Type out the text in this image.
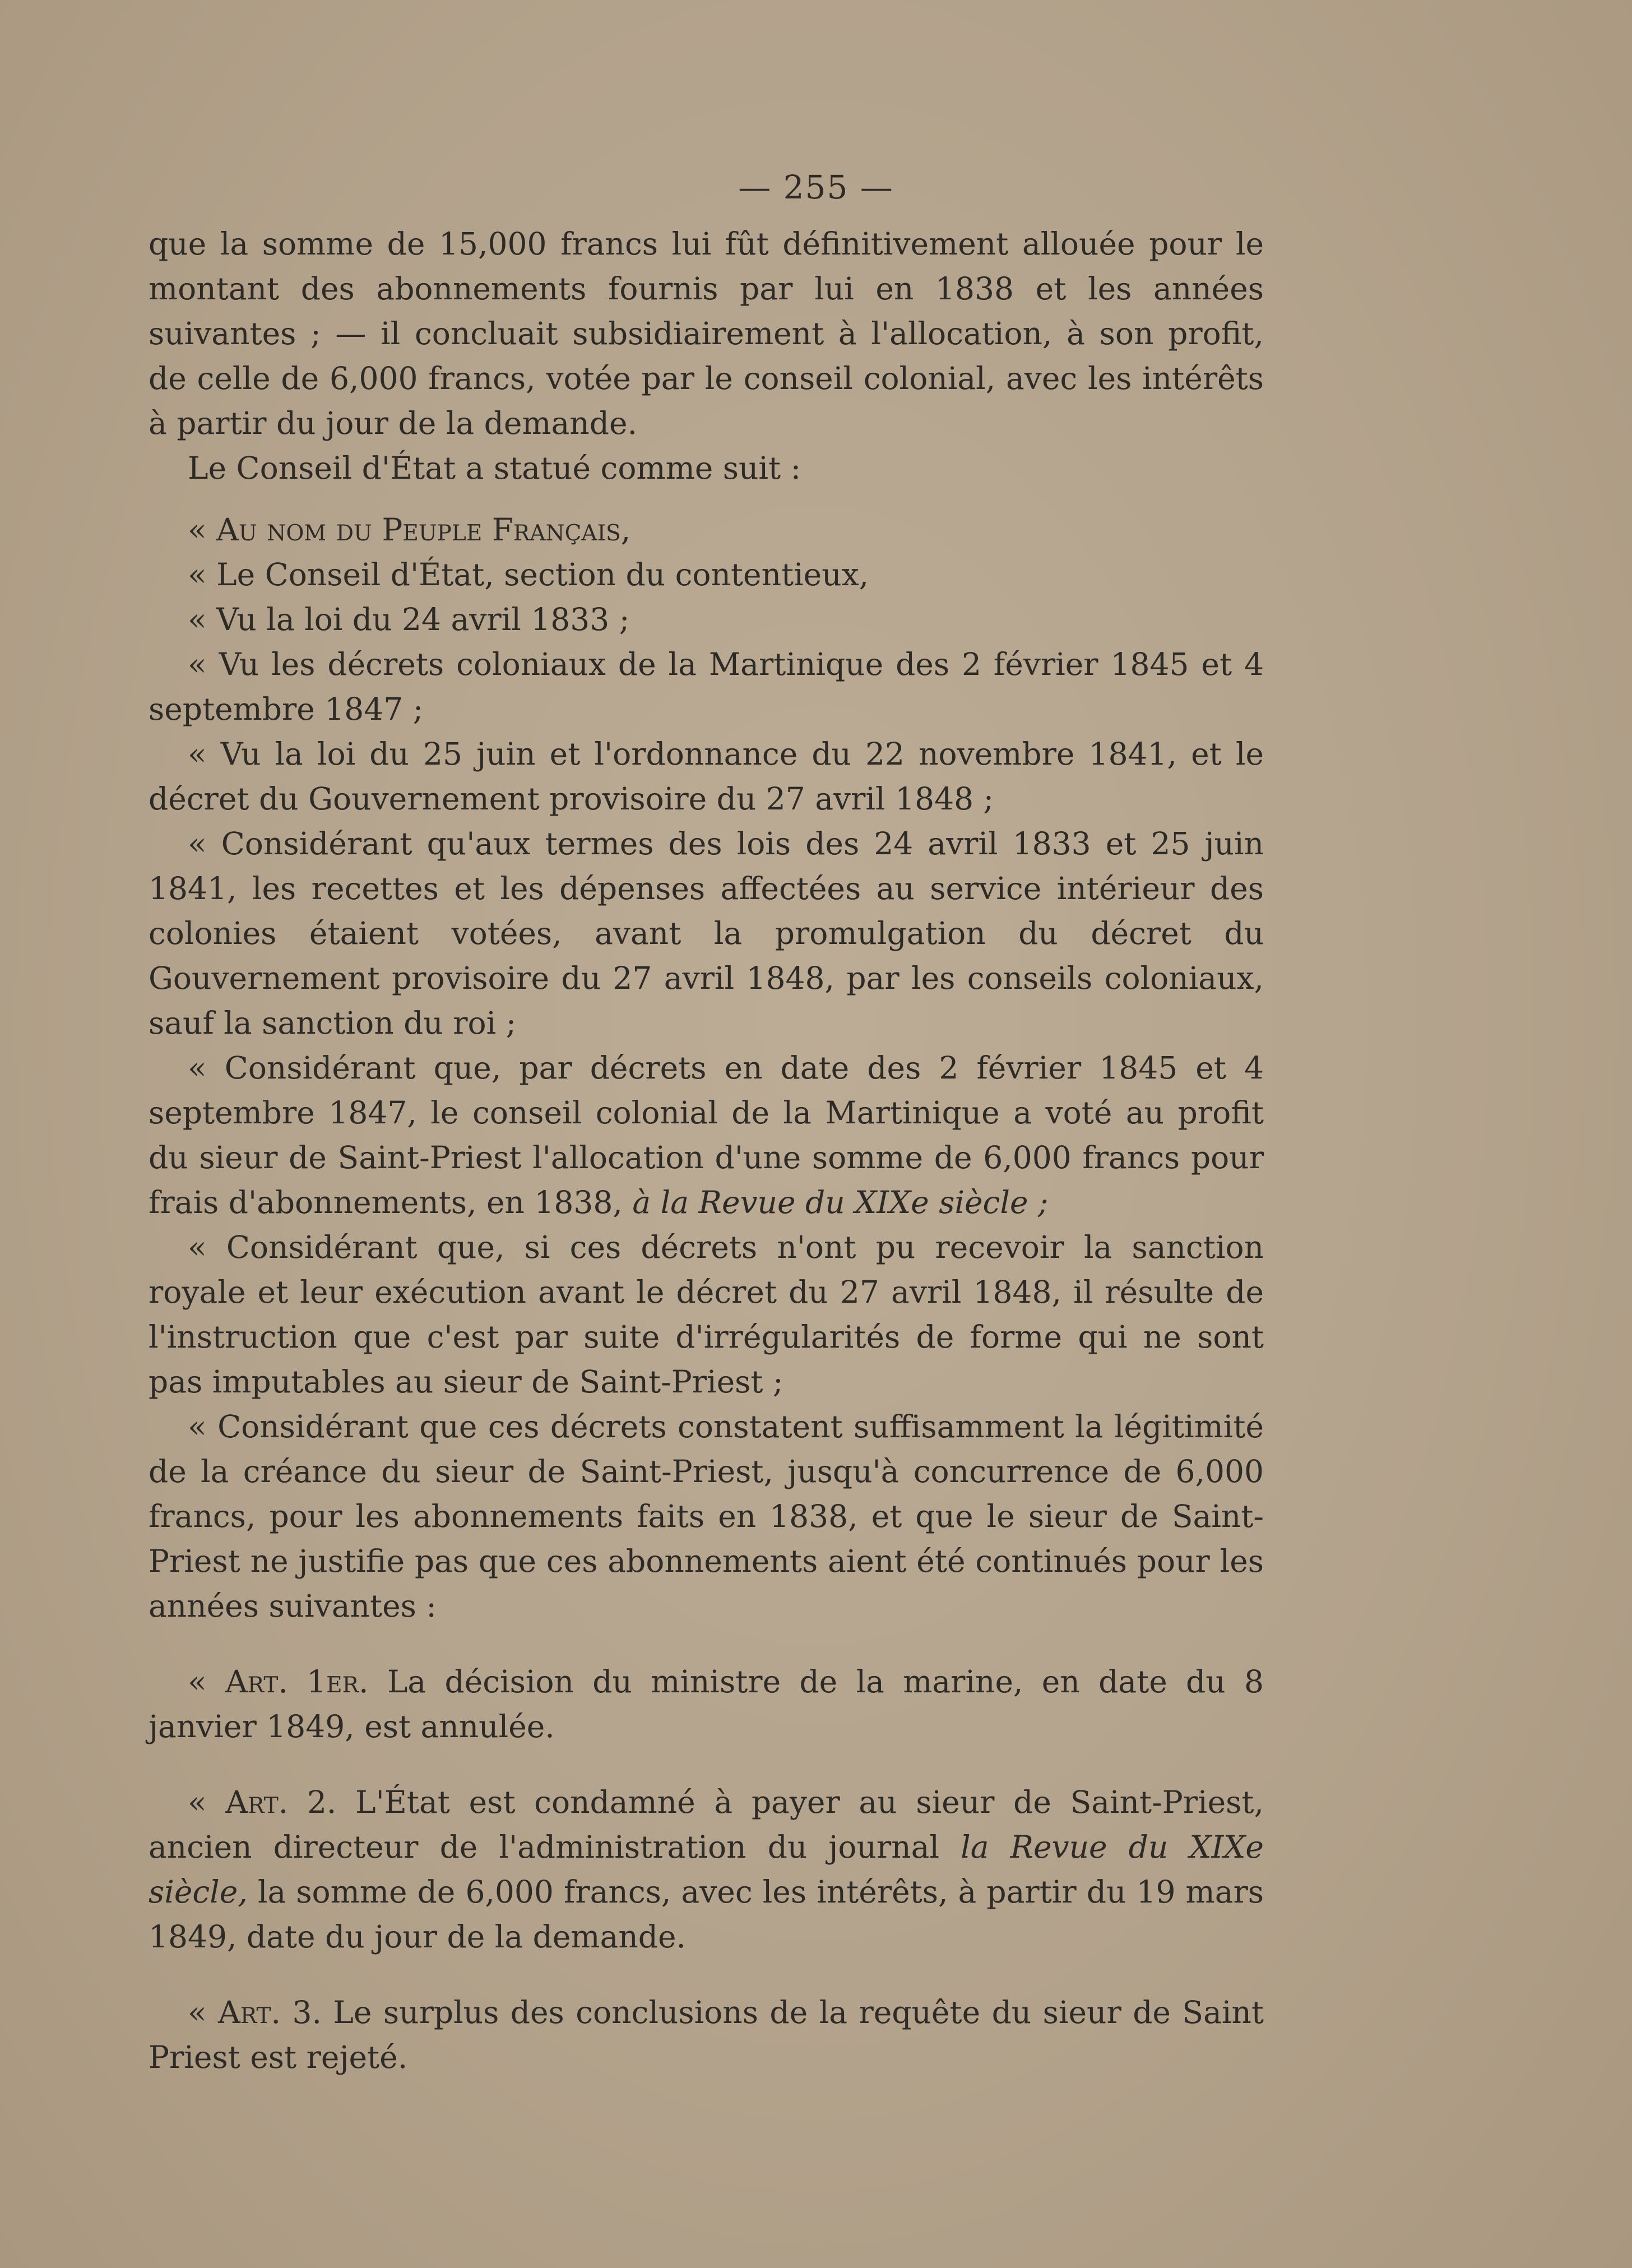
— 255 —

que la somme de 15,000 francs lui fût définitivement allouée pour le montant des abonnements fournis par lui en 1838 et les années suivantes ; — il concluait subsidiairement à l'allocation, à son profit, de celle de 6,000 francs, votée par le conseil colonial, avec les intérêts à partir du jour de la demande.

Le Conseil d'État a statué comme suit :

« Au nom du Peuple Français,

« Le Conseil d'État, section du contentieux,

« Vu la loi du 24 avril 1833 ;

« Vu les décrets coloniaux de la Martinique des 2 février 1845 et 4 septembre 1847 ;

« Vu la loi du 25 juin et l'ordonnance du 22 novembre 1841, et le décret du Gouvernement provisoire du 27 avril 1848 ;

« Considérant qu'aux termes des lois des 24 avril 1833 et 25 juin 1841, les recettes et les dépenses affectées au service intérieur des colonies étaient votées, avant la promulgation du décret du Gouvernement provisoire du 27 avril 1848, par les conseils coloniaux, sauf la sanction du roi ;

« Considérant que, par décrets en date des 2 février 1845 et 4 septembre 1847, le conseil colonial de la Martinique a voté au profit du sieur de Saint-Priest l'allocation d'une somme de 6,000 francs pour frais d'abonnements, en 1838, à la Revue du XIXe siècle ;

« Considérant que, si ces décrets n'ont pu recevoir la sanction royale et leur exécution avant le décret du 27 avril 1848, il résulte de l'instruction que c'est par suite d'irrégularités de forme qui ne sont pas imputables au sieur de Saint-Priest ;

« Considérant que ces décrets constatent suffisamment la légitimité de la créance du sieur de Saint-Priest, jusqu'à concurrence de 6,000 francs, pour les abonnements faits en 1838, et que le sieur de Saint-Priest ne justifie pas que ces abonnements aient été continués pour les années suivantes :

« Art. 1er. La décision du ministre de la marine, en date du 8 janvier 1849, est annulée.

« Art. 2. L'État est condamné à payer au sieur de Saint-Priest, ancien directeur de l'administration du journal la Revue du XIXe siècle, la somme de 6,000 francs, avec les intérêts, à partir du 19 mars 1849, date du jour de la demande.

« Art. 3. Le surplus des conclusions de la requête du sieur de Saint Priest est rejeté.
